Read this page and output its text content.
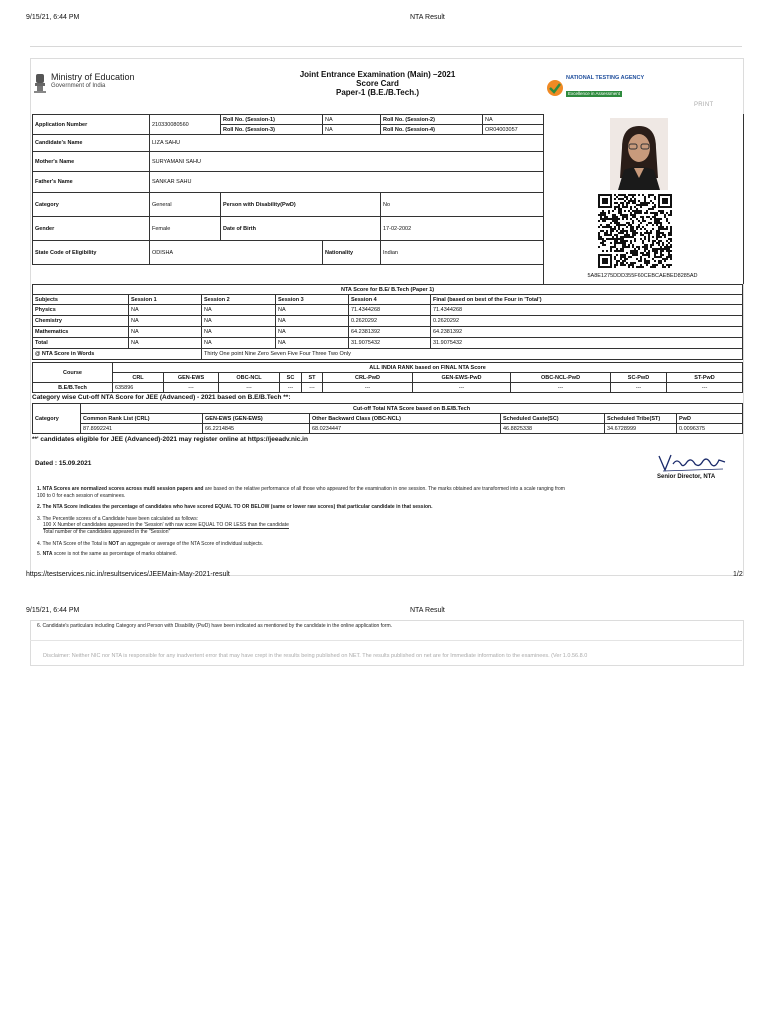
9/15/21, 6:44 PM	NTA Result
Ministry of Education
Government of India
Joint Entrance Examination (Main) –2021
Score Card
Paper-1 (B.E./B.Tech.)
NATIONAL TESTING AGENCY
Excellence in Assessment
PRINT
Application Number	210330080560	Roll No. (Session-1)	NA	Roll No. (Session-2)	NA
		Roll No. (Session-3)	NA	Roll No. (Session-4)	OR04003057
Candidate's Name	LIZA SAHU				
Mother's Name	SURYAMANI SAHU				
Father's Name	SANKAR SAHU				
Category	General	Person with Disability(PwD)		No	
Gender	Female	Date of Birth		17-02-2002	
State Code of Eligibility	ODISHA		Nationality	Indian	
5A8E1275DDD355F60CEBCAEBED8285AD
NTA Score for B.E/ B.Tech (Paper 1)					
Subjects	Session 1	Session 2	Session 3	Session 4	Final (based on best of the Four in 'Total')
Physics	NA	NA	NA	71.4344268	71.4344268
Chemistry	NA	NA	NA	0.2620292	0.2620292
Mathematics	NA	NA	NA	64.2381392	64.2381392
Total	NA	NA	NA	31.9075432	31.9075432
@ NTA Score in Words		Thirty One point Nine Zero Seven Five Four Three Two Only			
Course	ALL INDIA RANK based on FINAL NTA Score									
	CRL	GEN-EWS	OBC-NCL	SC	ST	CRL-PwD	GEN-EWS-PwD	OBC-NCL-PwD	SC-PwD	ST-PwD
B.E/B.Tech	635896	---	---	---	---	---	---	---	---	---
Category wise Cut-off NTA Score for JEE (Advanced) - 2021 based on B.E/B.Tech **:
Category	Cut-off Total NTA Score based on B.E/B.Tech					
	Common Rank List (CRL)	GEN-EWS (GEN-EWS)	Other Backward Class (OBC-NCL)	Scheduled Caste(SC)	Scheduled Tribe(ST)	PwD
	87.8992241	66.2214845	68.0234447	46.8825338	34.6728999	0.0096375
**' candidates eligible for JEE (Advanced)-2021 may register online at https://jeeadv.nic.in
Dated : 15.09.2021
Senior Director, NTA
1. NTA Scores are normalized scores across multi session papers and are based on the relative performance of all those who appeared for the examination in one session. The marks obtained are transformed into a scale ranging from
100 to 0 for each session of examinees.
2. The NTA Score indicates the percentage of candidates who have scored EQUAL TO OR BELOW (same or lower raw scores) that particular candidate in that session.
3. The Percentile scores of a Candidate have been calculated as follows:
100 X Number of candidates appeared in the 'Session' with raw score EQUAL TO OR LESS than the candidate
Total number of the candidates appeared in the "Session"
4. The NTA Score of the Total is NOT an aggregate or average of the NTA Score of individual subjects.
5. NTA score is not the same as percentage of marks obtained.
https://testservices.nic.in/resultservices/JEEMain-May-2021-result	1/2
9/15/21, 6:44 PM	NTA Result
6. Candidate's particulars including Category and Person with Disability (PwD) have been indicated as mentioned by the candidate in the online application form.
Disclaimer: Neither NIC nor NTA is responsible for any inadvertent error that may have crept in the results being published on NET. The results published on net are for Immediate information to the examinees. (Ver 1.0.56.8.0
